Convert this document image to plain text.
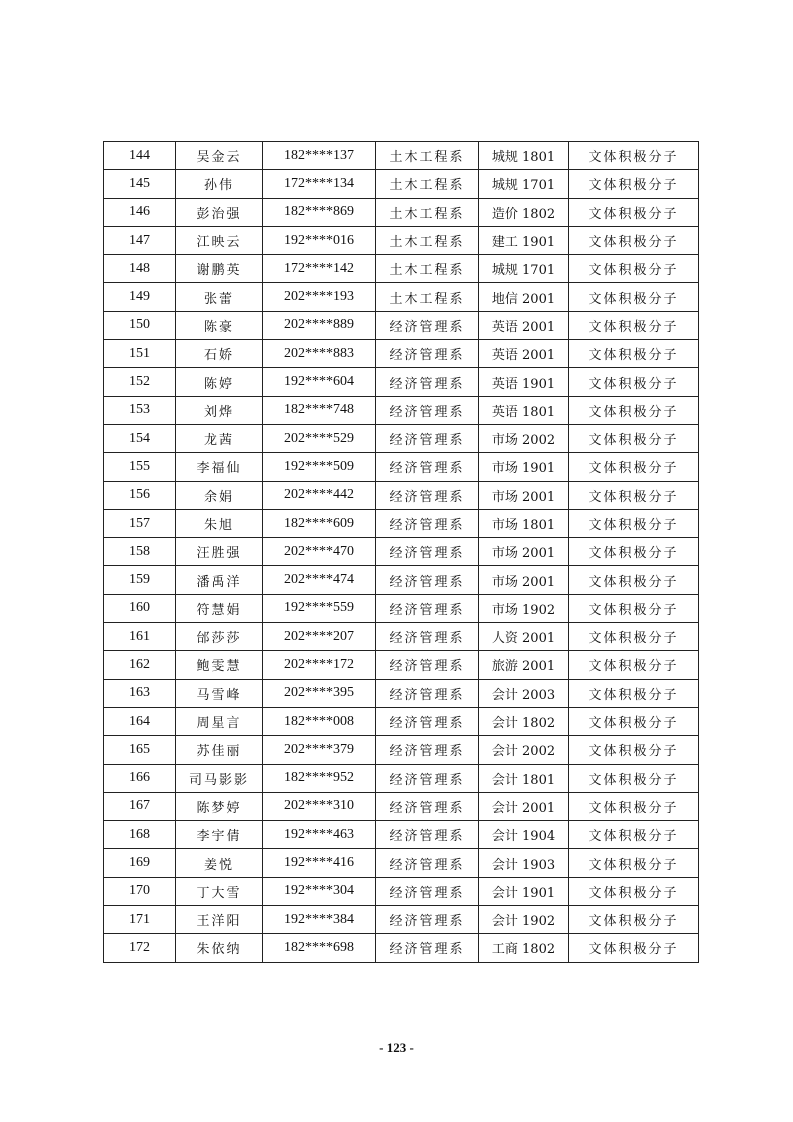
144	吴金云	182****137	土木工程系	城规 1801	文体积极分子
145	孙伟	172****134	土木工程系	城规 1701	文体积极分子
146	彭治强	182****869	土木工程系	造价 1802	文体积极分子
147	江映云	192****016	土木工程系	建工 1901	文体积极分子
148	谢鹏英	172****142	土木工程系	城规 1701	文体积极分子
149	张蕾	202****193	土木工程系	地信 2001	文体积极分子
150	陈豪	202****889	经济管理系	英语 2001	文体积极分子
151	石娇	202****883	经济管理系	英语 2001	文体积极分子
152	陈婷	192****604	经济管理系	英语 1901	文体积极分子
153	刘烨	182****748	经济管理系	英语 1801	文体积极分子
154	龙茜	202****529	经济管理系	市场 2002	文体积极分子
155	李福仙	192****509	经济管理系	市场 1901	文体积极分子
156	余娟	202****442	经济管理系	市场 2001	文体积极分子
157	朱旭	182****609	经济管理系	市场 1801	文体积极分子
158	汪胜强	202****470	经济管理系	市场 2001	文体积极分子
159	潘禹洋	202****474	经济管理系	市场 2001	文体积极分子
160	符慧娟	192****559	经济管理系	市场 1902	文体积极分子
161	邰莎莎	202****207	经济管理系	人资 2001	文体积极分子
162	鲍雯慧	202****172	经济管理系	旅游 2001	文体积极分子
163	马雪峰	202****395	经济管理系	会计 2003	文体积极分子
164	周星言	182****008	经济管理系	会计 1802	文体积极分子
165	苏佳丽	202****379	经济管理系	会计 2002	文体积极分子
166	司马影影	182****952	经济管理系	会计 1801	文体积极分子
167	陈梦婷	202****310	经济管理系	会计 2001	文体积极分子
168	李宇倩	192****463	经济管理系	会计 1904	文体积极分子
169	姜悦	192****416	经济管理系	会计 1903	文体积极分子
170	丁大雪	192****304	经济管理系	会计 1901	文体积极分子
171	王洋阳	192****384	经济管理系	会计 1902	文体积极分子
172	朱依纳	182****698	经济管理系	工商 1802	文体积极分子
- 123 -
